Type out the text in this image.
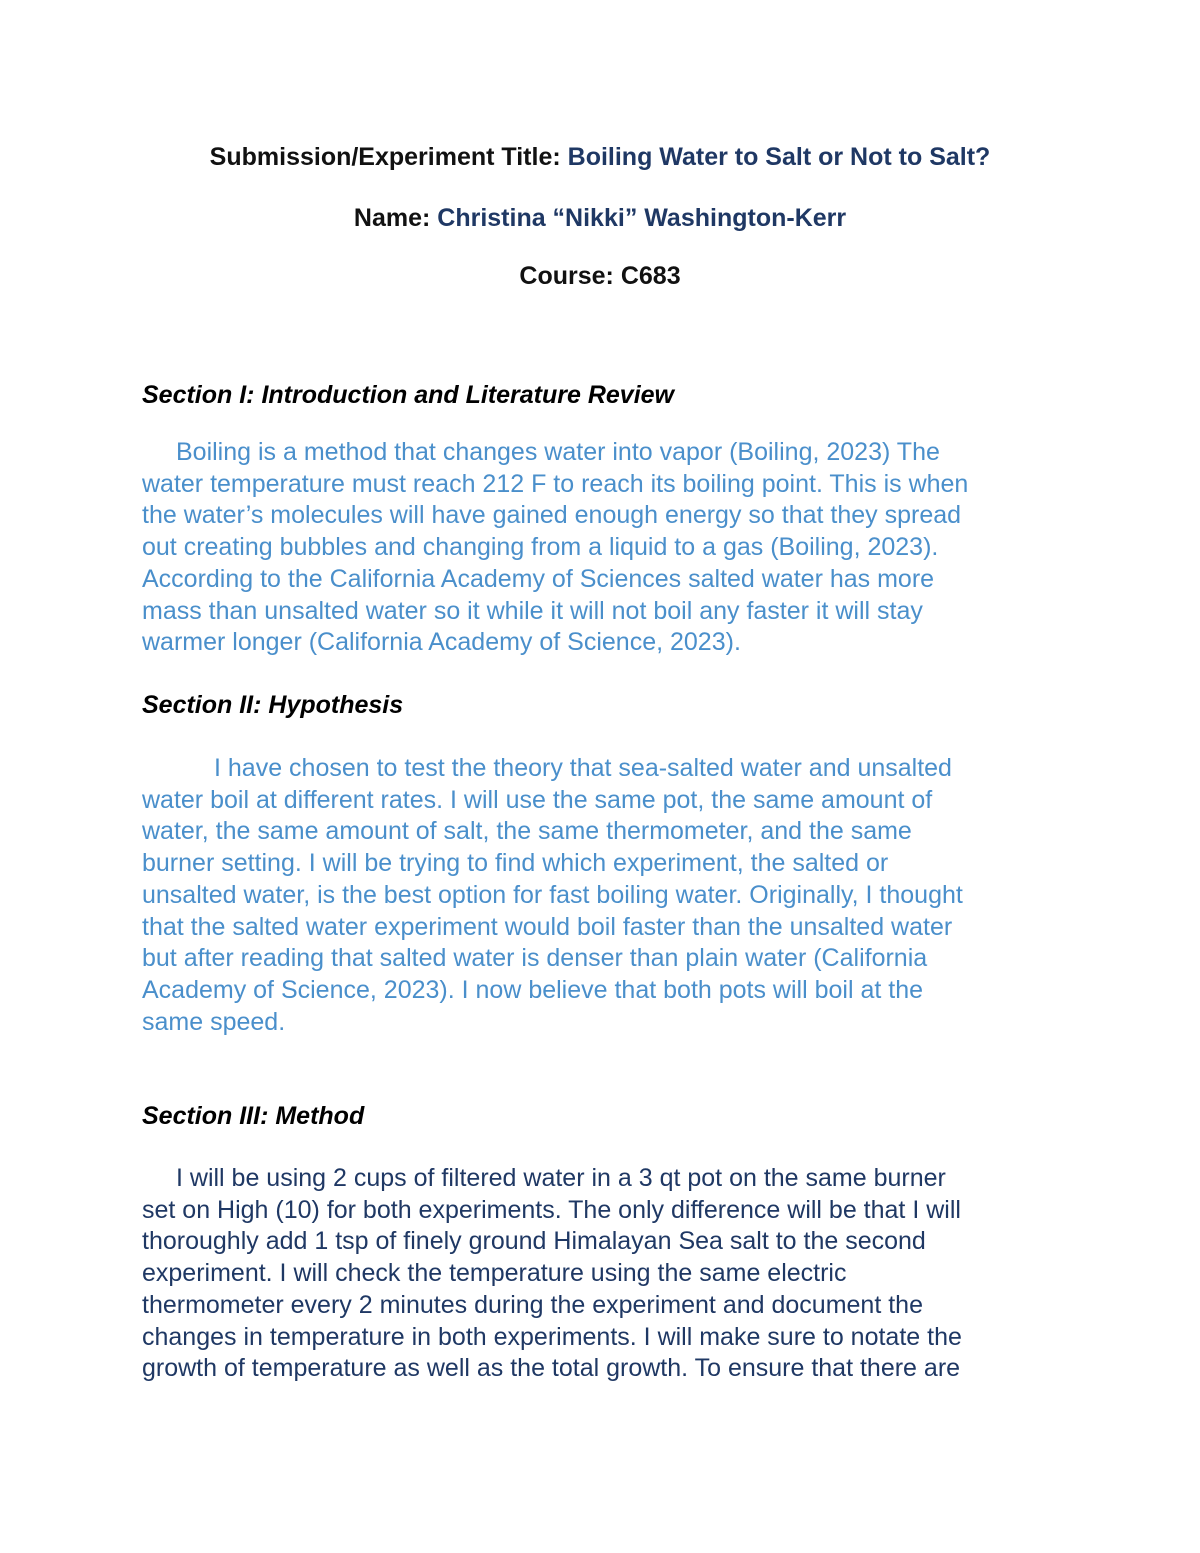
Submission/Experiment Title: Boiling Water to Salt or Not to Salt?
Name: Christina “Nikki” Washington-Kerr
Course: C683
Section I: Introduction and Literature Review
Boiling is a method that changes water into vapor (Boiling, 2023) The
water temperature must reach 212 F to reach its boiling point. This is when
the water’s molecules will have gained enough energy so that they spread
out creating bubbles and changing from a liquid to a gas (Boiling, 2023).
According to the California Academy of Sciences salted water has more
mass than unsalted water so it while it will not boil any faster it will stay
warmer longer (California Academy of Science, 2023).
Section II: Hypothesis
I have chosen to test the theory that sea-salted water and unsalted
water boil at different rates. I will use the same pot, the same amount of
water, the same amount of salt, the same thermometer, and the same
burner setting. I will be trying to find which experiment, the salted or
unsalted water, is the best option for fast boiling water. Originally, I thought
that the salted water experiment would boil faster than the unsalted water
but after reading that salted water is denser than plain water (California
Academy of Science, 2023). I now believe that both pots will boil at the
same speed.
Section III: Method
I will be using 2 cups of filtered water in a 3 qt pot on the same burner
set on High (10) for both experiments. The only difference will be that I will
thoroughly add 1 tsp of finely ground Himalayan Sea salt to the second
experiment. I will check the temperature using the same electric
thermometer every 2 minutes during the experiment and document the
changes in temperature in both experiments. I will make sure to notate the
growth of temperature as well as the total growth. To ensure that there are
